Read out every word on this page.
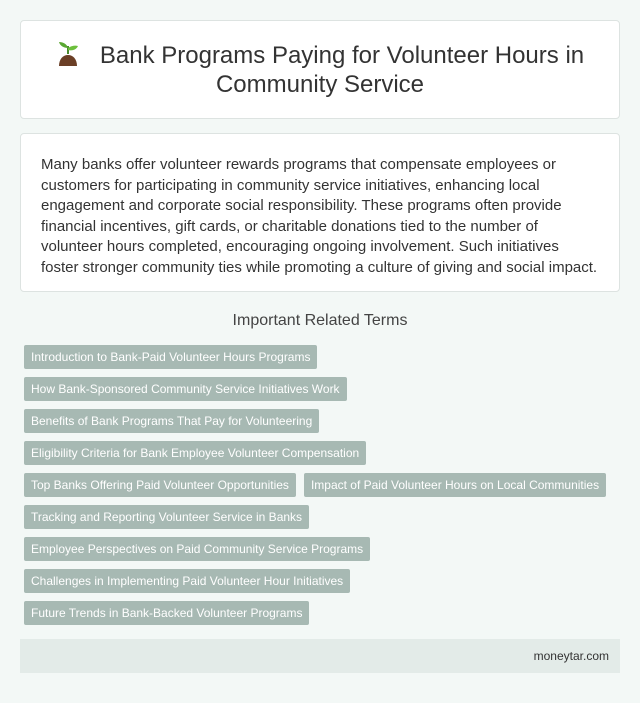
Bank Programs Paying for Volunteer Hours in Community Service

Many banks offer volunteer rewards programs that compensate employees or customers for participating in community service initiatives, enhancing local engagement and corporate social responsibility. These programs often provide financial incentives, gift cards, or charitable donations tied to the number of volunteer hours completed, encouraging ongoing involvement. Such initiatives foster stronger community ties while promoting a culture of giving and social impact.

Important Related Terms
Introduction to Bank-Paid Volunteer Hours Programs
How Bank-Sponsored Community Service Initiatives Work
Benefits of Bank Programs That Pay for Volunteering
Eligibility Criteria for Bank Employee Volunteer Compensation
Top Banks Offering Paid Volunteer Opportunities	Impact of Paid Volunteer Hours on Local Communities
Tracking and Reporting Volunteer Service in Banks
Employee Perspectives on Paid Community Service Programs
Challenges in Implementing Paid Volunteer Hour Initiatives
Future Trends in Bank-Backed Volunteer Programs
moneytar.com
